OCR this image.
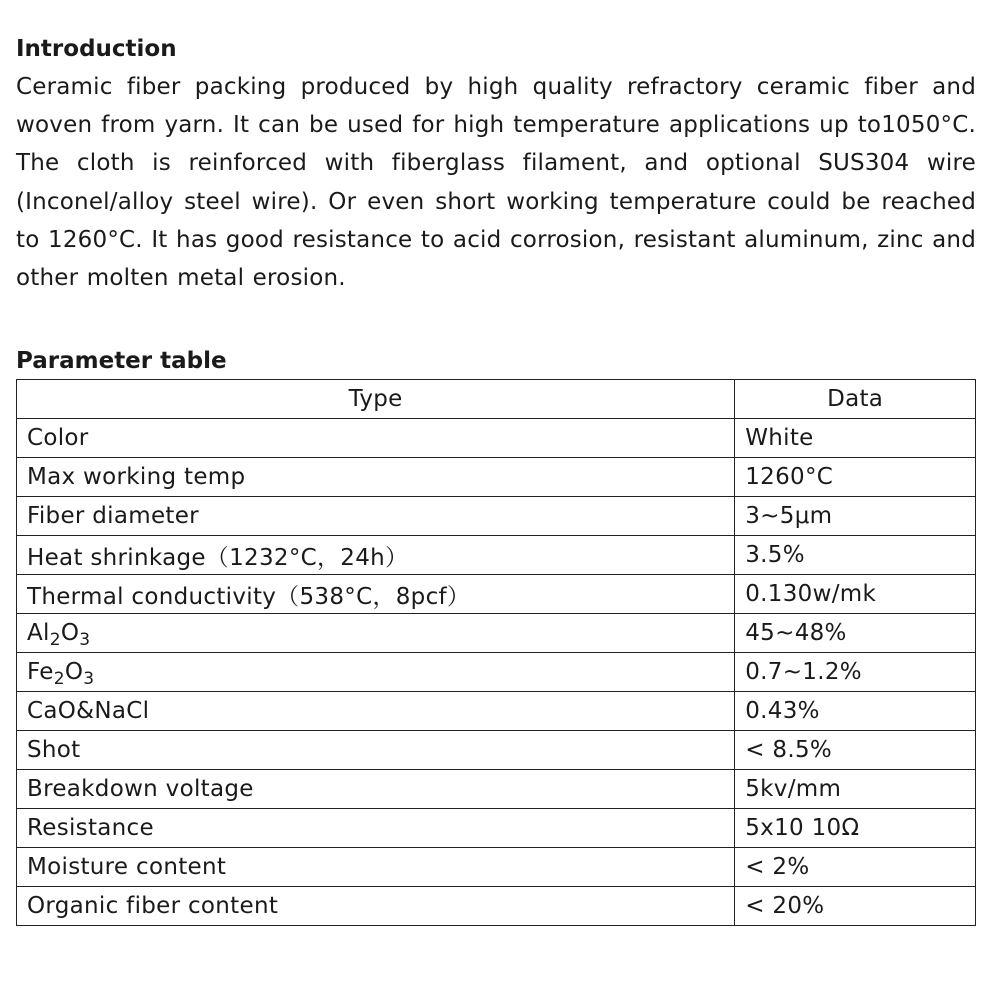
Introduction

Ceramic fiber packing produced by high quality refractory ceramic fiber and woven from yarn. It can be used for high temperature applications up to1050°C. The cloth is reinforced with fiberglass filament, and optional SUS304 wire (Inconel/alloy steel wire). Or even short working temperature could be reached to 1260°C. It has good resistance to acid corrosion, resistant aluminum, zinc and other molten metal erosion.

Parameter table
Type	Data
Color	White
Max working temp	1260°C
Fiber diameter	3~5μm
Heat shrinkage（1232°C，24h）	3.5%
Thermal conductivity（538°C，8pcf）	0.130w/mk
$Al_2O_3$	45~48%
$Fe_2O_3$	0.7~1.2%
CaO&NaCl	0.43%
Shot	< 8.5%
Breakdown voltage	5kv/mm
Resistance	5x10 10Ω
Moisture content	< 2%
Organic fiber content	< 20%
